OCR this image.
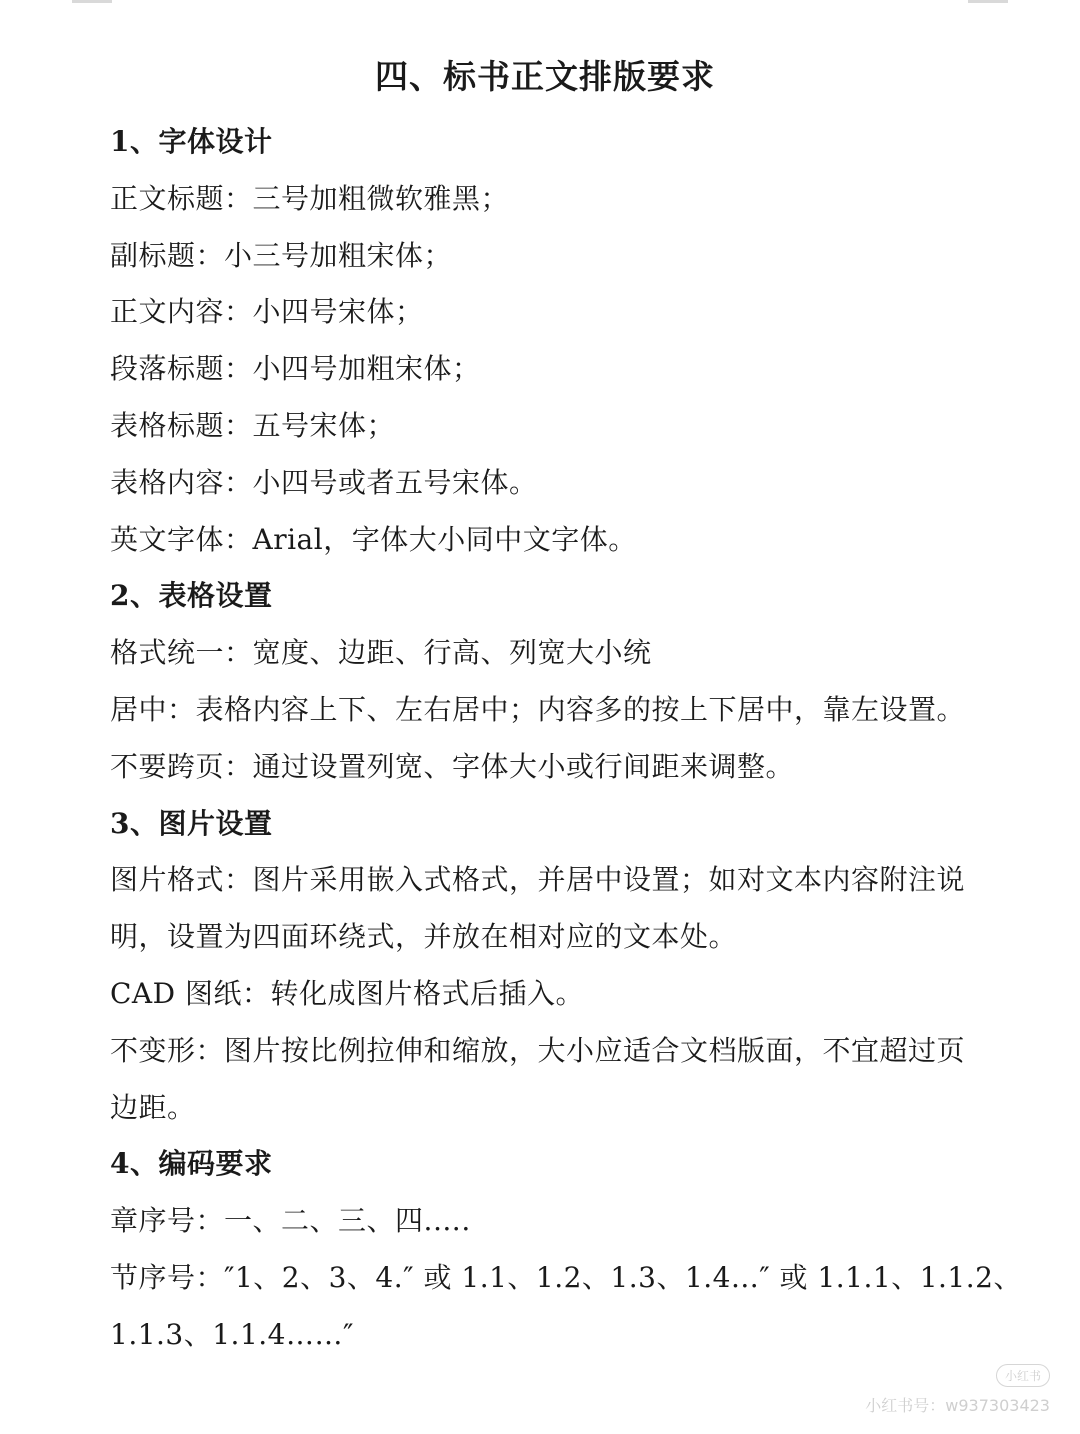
四、标书正文排版要求
1、字体设计
正文标题：三号加粗微软雅黑；
副标题：小三号加粗宋体；
正文内容：小四号宋体；
段落标题：小四号加粗宋体；
表格标题：五号宋体；
表格内容：小四号或者五号宋体。
英文字体：Arial，字体大小同中文字体。
2、表格设置
格式统一：宽度、边距、行高、列宽大小统
居中：表格内容上下、左右居中；内容多的按上下居中，靠左设置。
不要跨页：通过设置列宽、字体大小或行间距来调整。
3、图片设置
图片格式：图片采用嵌入式格式，并居中设置；如对文本内容附注说
明，设置为四面环绕式，并放在相对应的文本处。
CAD 图纸：转化成图片格式后插入。
不变形：图片按比例拉伸和缩放，大小应适合文档版面，不宜超过页
边距。
4、编码要求
章序号：一、二、三、四.….
节序号：″1、2、3、4.″ 或 1.1、1.2、1.3、1.4...″ 或 1.1.1、1.1.2、
1.1.3、1.1.4……″
小红书
小红书号：w937303423
